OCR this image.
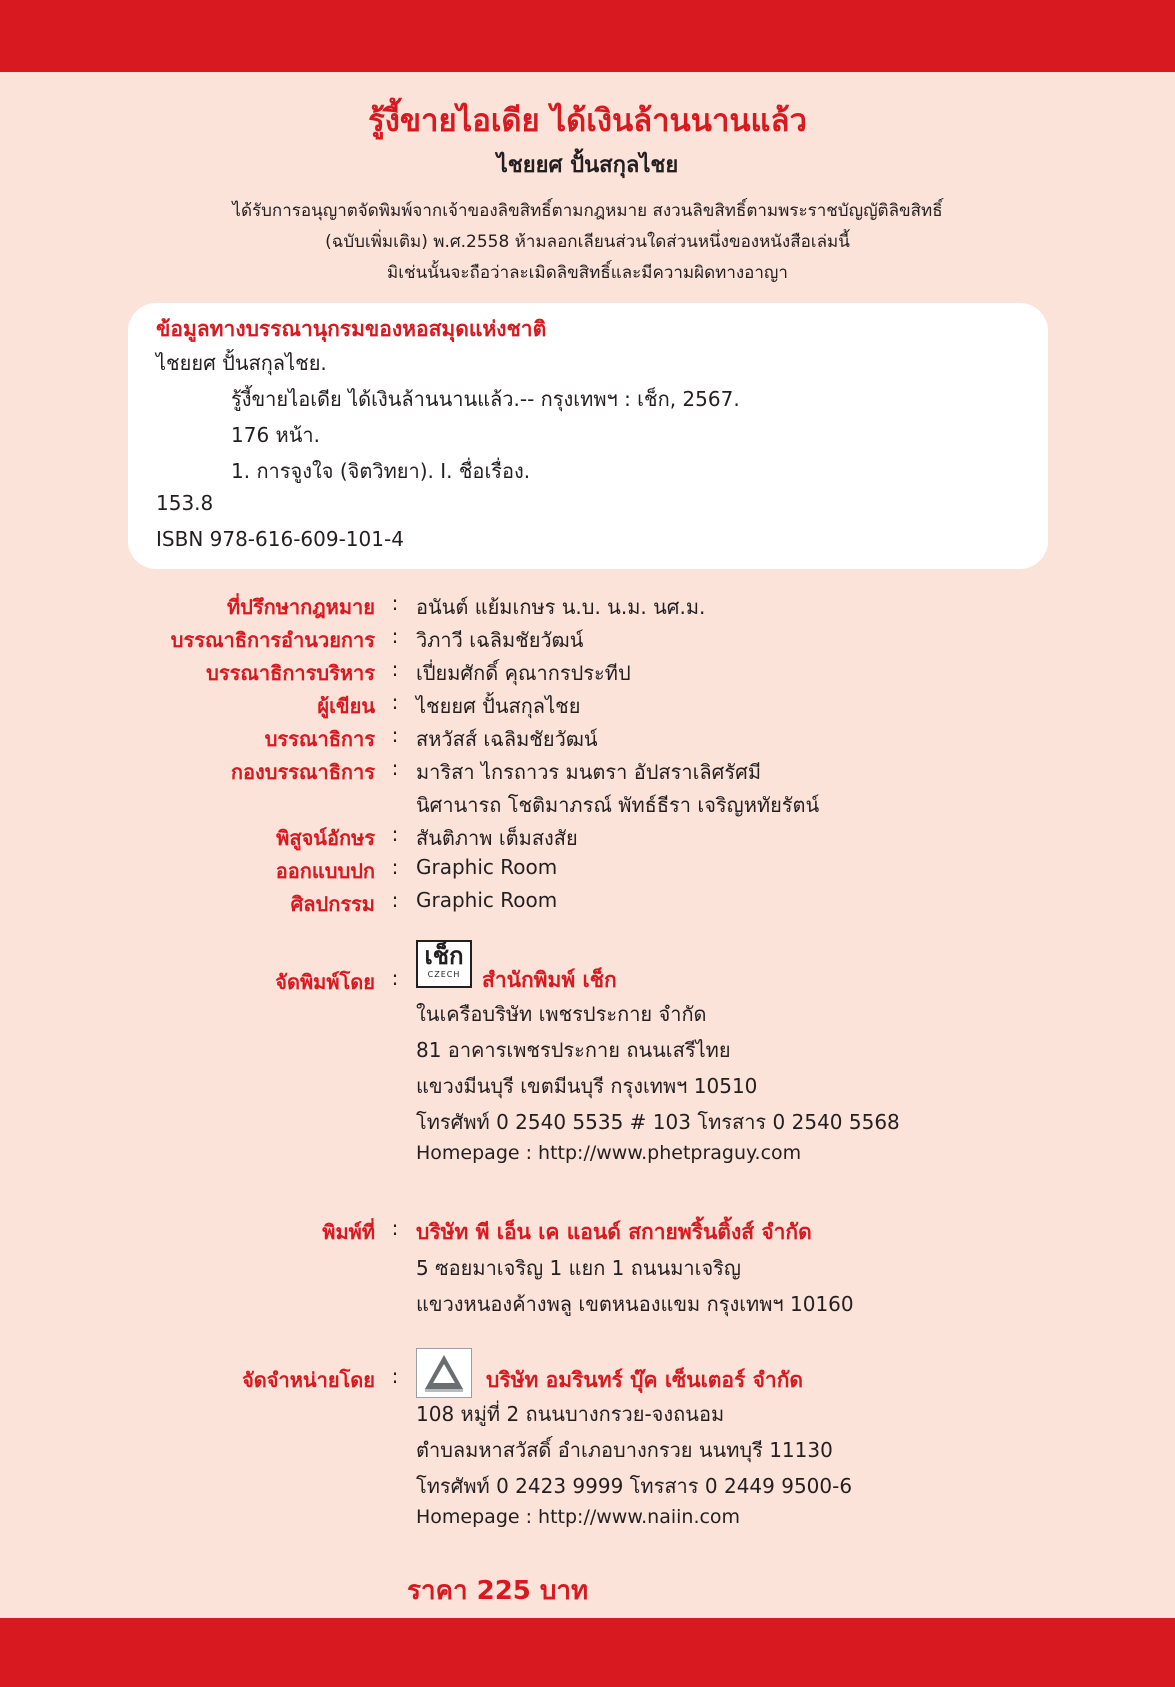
รู้งี้ขายไอเดีย ได้เงินล้านนานแล้ว
ไชยยศ ปั้นสกุลไชย
ได้รับการอนุญาตจัดพิมพ์จากเจ้าของลิขสิทธิ์ตามกฎหมาย สงวนลิขสิทธิ์ตามพระราชบัญญัติลิขสิทธิ์
(ฉบับเพิ่มเติม) พ.ศ.2558 ห้ามลอกเลียนส่วนใดส่วนหนึ่งของหนังสือเล่มนี้
มิเช่นนั้นจะถือว่าละเมิดลิขสิทธิ์และมีความผิดทางอาญา
ข้อมูลทางบรรณานุกรมของหอสมุดแห่งชาติ
ไชยยศ ปั้นสกุลไชย.
รู้งี้ขายไอเดีย ได้เงินล้านนานแล้ว.-- กรุงเทพฯ : เช็ก, 2567.
176 หน้า.
1. การจูงใจ (จิตวิทยา). I. ชื่อเรื่อง.
153.8
ISBN 978-616-609-101-4
ที่ปรึกษากฎหมาย : อนันต์ แย้มเกษร น.บ. น.ม. นศ.ม.
บรรณาธิการอำนวยการ : วิภาวี เฉลิมชัยวัฒน์
บรรณาธิการบริหาร : เปี่ยมศักดิ์ คุณากรประทีป
ผู้เขียน : ไชยยศ ปั้นสกุลไชย
บรรณาธิการ : สหวัสส์ เฉลิมชัยวัฒน์
กองบรรณาธิการ : มาริสา ไกรถาวร มนตรา อัปสราเลิศรัศมี
นิศานารถ โชติมาภรณ์ พัทธ์ธีรา เจริญหทัยรัตน์
พิสูจน์อักษร : สันติภาพ เต็มสงสัย
ออกแบบปก : Graphic Room
ศิลปกรรม : Graphic Room
จัดพิมพ์โดย :
เช็ก
CZECH	สำนักพิมพ์ เช็ก
ในเครือบริษัท เพชรประกาย จำกัด
81 อาคารเพชรประกาย ถนนเสรีไทย
แขวงมีนบุรี เขตมีนบุรี กรุงเทพฯ 10510
โทรศัพท์ 0 2540 5535 # 103 โทรสาร 0 2540 5568
Homepage : http://www.phetpraguy.com
พิมพ์ที่ : บริษัท พี เอ็น เค แอนด์ สกายพริ้นติ้งส์ จำกัด
5 ซอยมาเจริญ 1 แยก 1 ถนนมาเจริญ
แขวงหนองค้างพลู เขตหนองแขม กรุงเทพฯ 10160
จัดจำหน่ายโดย :	บริษัท อมรินทร์ บุ๊ค เซ็นเตอร์ จำกัด
108 หมู่ที่ 2 ถนนบางกรวย-จงถนอม
ตำบลมหาสวัสดิ์ อำเภอบางกรวย นนทบุรี 11130
โทรศัพท์ 0 2423 9999 โทรสาร 0 2449 9500-6
Homepage : http://www.naiin.com
ราคา 225 บาท
